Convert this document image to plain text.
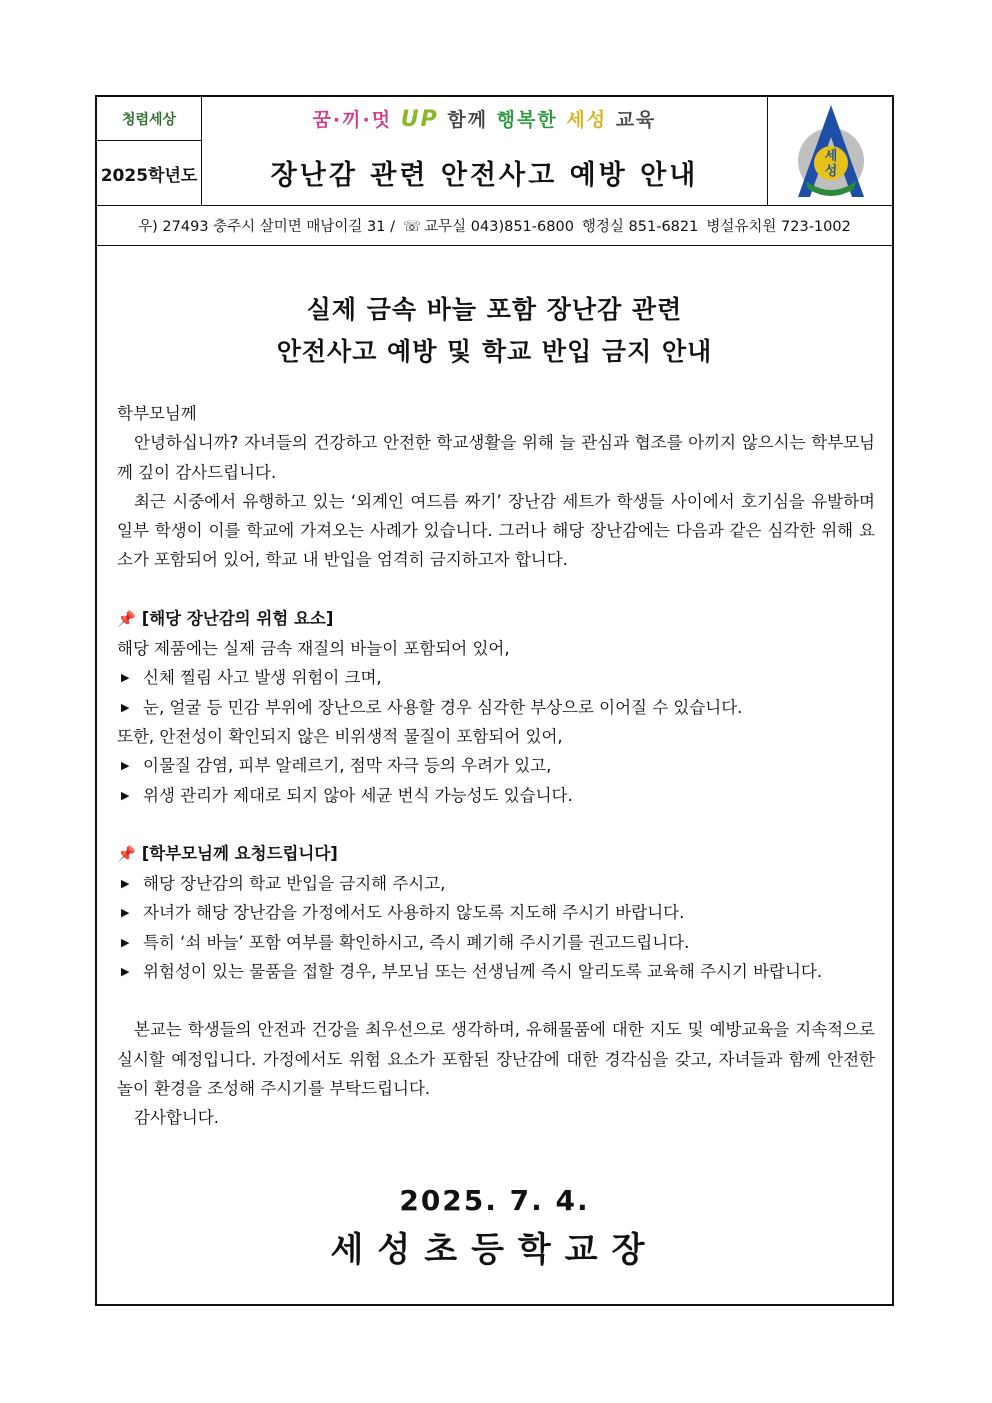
청렴세상
2025학년도
꿈·끼·멋 UP 함께 행복한 세성 교육
장난감 관련 안전사고 예방 안내
세
성
우) 27493 충주시 살미면 매남이길 31 / ☏ 교무실 043)851-6800 행정실 851-6821 병설유치원 723-1002
실제 금속 바늘 포함 장난감 관련
안전사고 예방 및 학교 반입 금지 안내

학부모님께

안녕하십니까? 자녀들의 건강하고 안전한 학교생활을 위해 늘 관심과 협조를 아끼지 않으시는 학부모님께 깊이 감사드립니다.

최근 시중에서 유행하고 있는 ‘외계인 여드름 짜기’ 장난감 세트가 학생들 사이에서 호기심을 유발하며 일부 학생이 이를 학교에 가져오는 사례가 있습니다. 그러나 해당 장난감에는 다음과 같은 심각한 위해 요소가 포함되어 있어, 학교 내 반입을 엄격히 금지하고자 합니다.

📌 [해당 장난감의 위험 요소]

해당 제품에는 실제 금속 재질의 바늘이 포함되어 있어,

▶ 신체 찔림 사고 발생 위험이 크며,

▶ 눈, 얼굴 등 민감 부위에 장난으로 사용할 경우 심각한 부상으로 이어질 수 있습니다.

또한, 안전성이 확인되지 않은 비위생적 물질이 포함되어 있어,

▶ 이물질 감염, 피부 알레르기, 점막 자극 등의 우려가 있고,

▶ 위생 관리가 제대로 되지 않아 세균 번식 가능성도 있습니다.

📌 [학부모님께 요청드립니다]

▶ 해당 장난감의 학교 반입을 금지해 주시고,

▶ 자녀가 해당 장난감을 가정에서도 사용하지 않도록 지도해 주시기 바랍니다.

▶ 특히 ‘쇠 바늘’ 포함 여부를 확인하시고, 즉시 폐기해 주시기를 권고드립니다.

▶ 위험성이 있는 물품을 접할 경우, 부모님 또는 선생님께 즉시 알리도록 교육해 주시기 바랍니다.

본교는 학생들의 안전과 건강을 최우선으로 생각하며, 유해물품에 대한 지도 및 예방교육을 지속적으로 실시할 예정입니다. 가정에서도 위험 요소가 포함된 장난감에 대한 경각심을 갖고, 자녀들과 함께 안전한 놀이 환경을 조성해 주시기를 부탁드립니다.

감사합니다.

2025. 7. 4.
세성초등학교장
